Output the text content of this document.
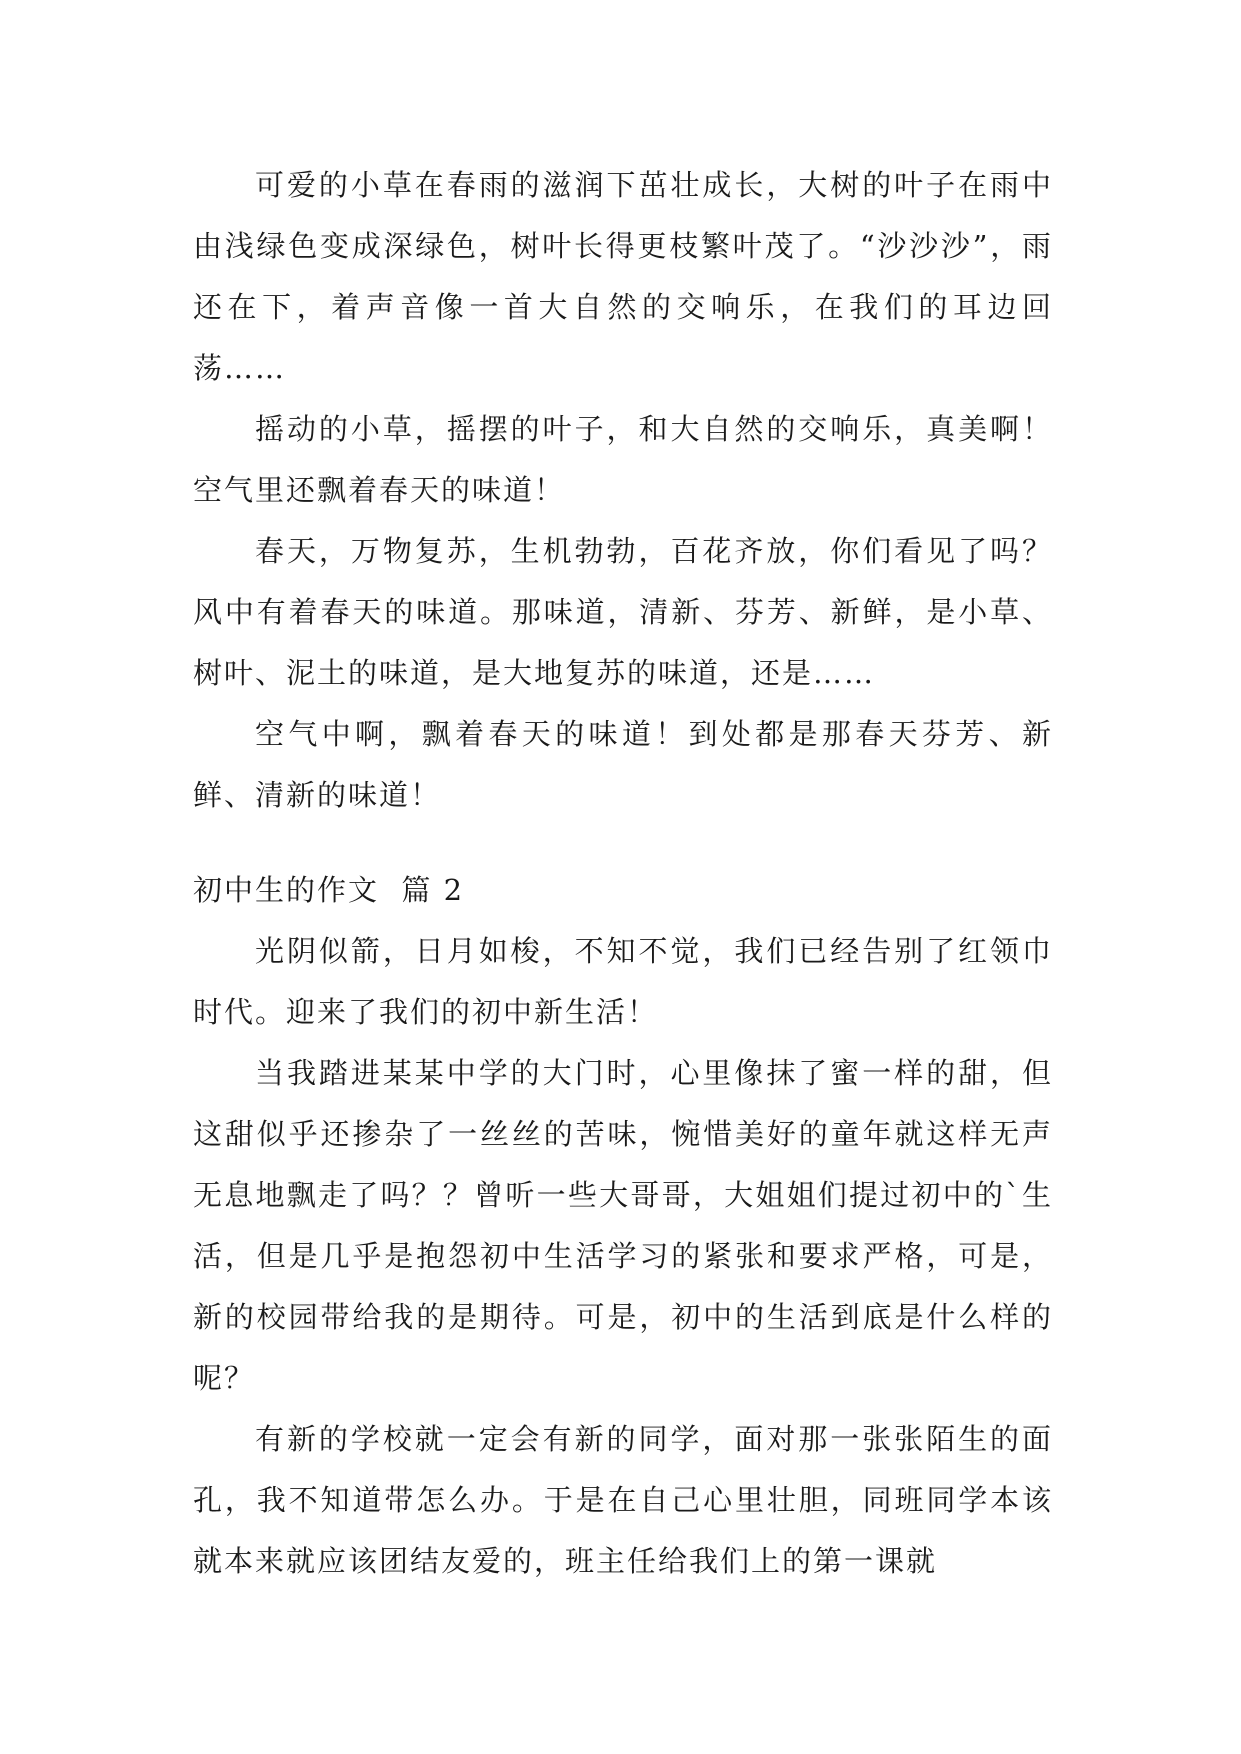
可爱的小草在春雨的滋润下茁壮成长，大树的叶子在雨中由浅绿色变成深绿色，树叶长得更枝繁叶茂了。“沙沙沙”，雨还在下，着声音像一首大自然的交响乐，在我们的耳边回荡……

摇动的小草，摇摆的叶子，和大自然的交响乐，真美啊！空气里还飘着春天的味道！

春天，万物复苏，生机勃勃，百花齐放，你们看见了吗？风中有着春天的味道。那味道，清新、芬芳、新鲜，是小草、树叶、泥土的味道，是大地复苏的味道，还是……

空气中啊，飘着春天的味道！到处都是那春天芬芳、新鲜、清新的味道！

初中生的作文  篇 2

光阴似箭，日月如梭，不知不觉，我们已经告别了红领巾时代。迎来了我们的初中新生活！

当我踏进某某中学的大门时，心里像抹了蜜一样的甜，但这甜似乎还掺杂了一丝丝的苦味，惋惜美好的童年就这样无声无息地飘走了吗？？曾听一些大哥哥，大姐姐们提过初中的`生活，但是几乎是抱怨初中生活学习的紧张和要求严格，可是，新的校园带给我的是期待。可是，初中的生活到底是什么样的呢？

有新的学校就一定会有新的同学，面对那一张张陌生的面孔，我不知道带怎么办。于是在自己心里壮胆，同班同学本该就本来就应该团结友爱的，班主任给我们上的第一课就
